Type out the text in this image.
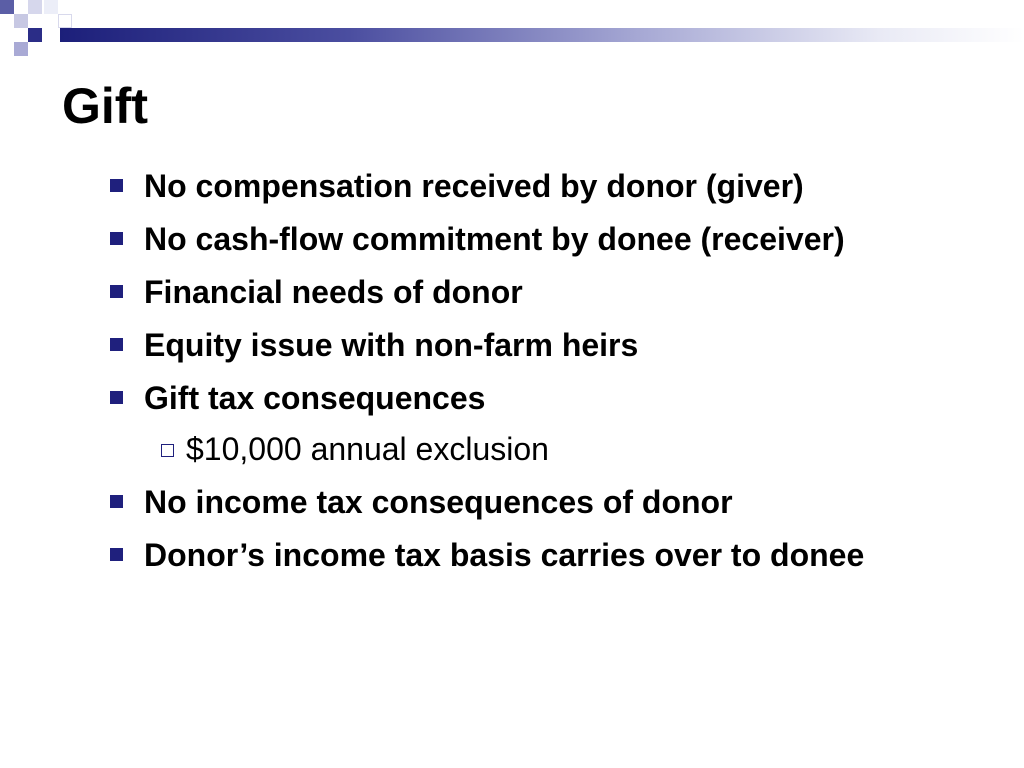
Gift
No compensation received by donor (giver)
No cash-flow commitment by donee (receiver)
Financial needs of donor
Equity issue with non-farm heirs
Gift tax consequences
$10,000 annual exclusion
No income tax consequences of donor
Donor’s income tax basis carries over to donee
